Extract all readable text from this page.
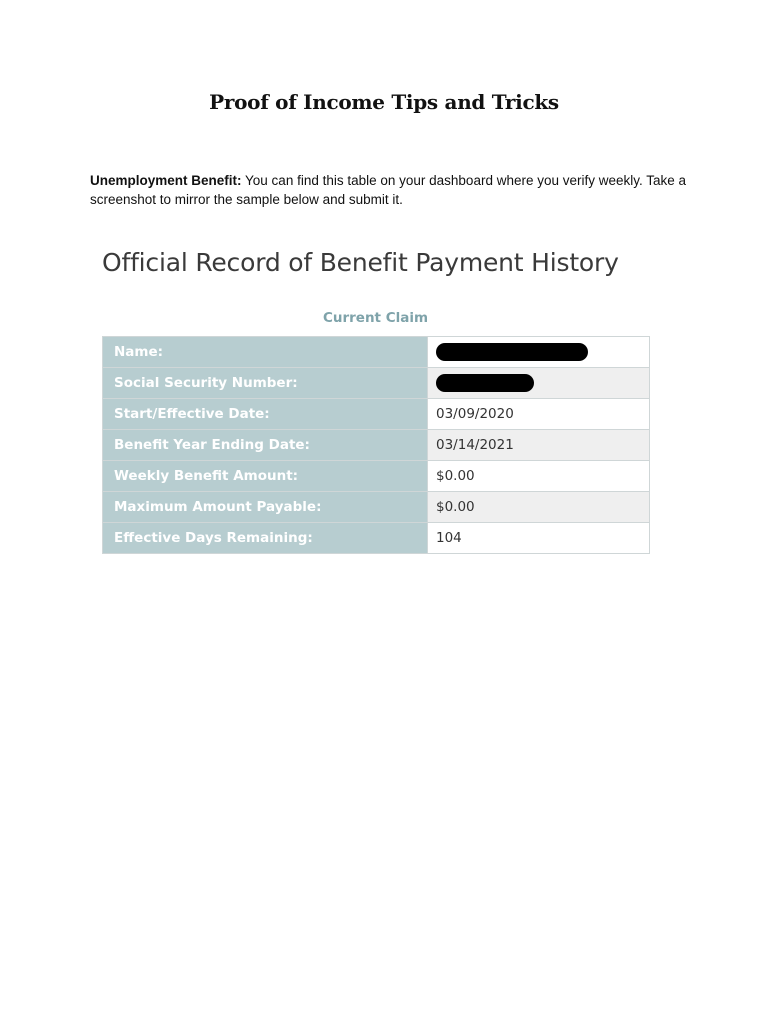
Proof of Income Tips and Tricks
Unemployment Benefit: You can find this table on your dashboard where you verify weekly. Take a screenshot to mirror the sample below and submit it.
Official Record of Benefit Payment History
Current Claim
Name:	
Social Security Number:	
Start/Effective Date:	03/09/2020
Benefit Year Ending Date:	03/14/2021
Weekly Benefit Amount:	$0.00
Maximum Amount Payable:	$0.00
Effective Days Remaining:	104
